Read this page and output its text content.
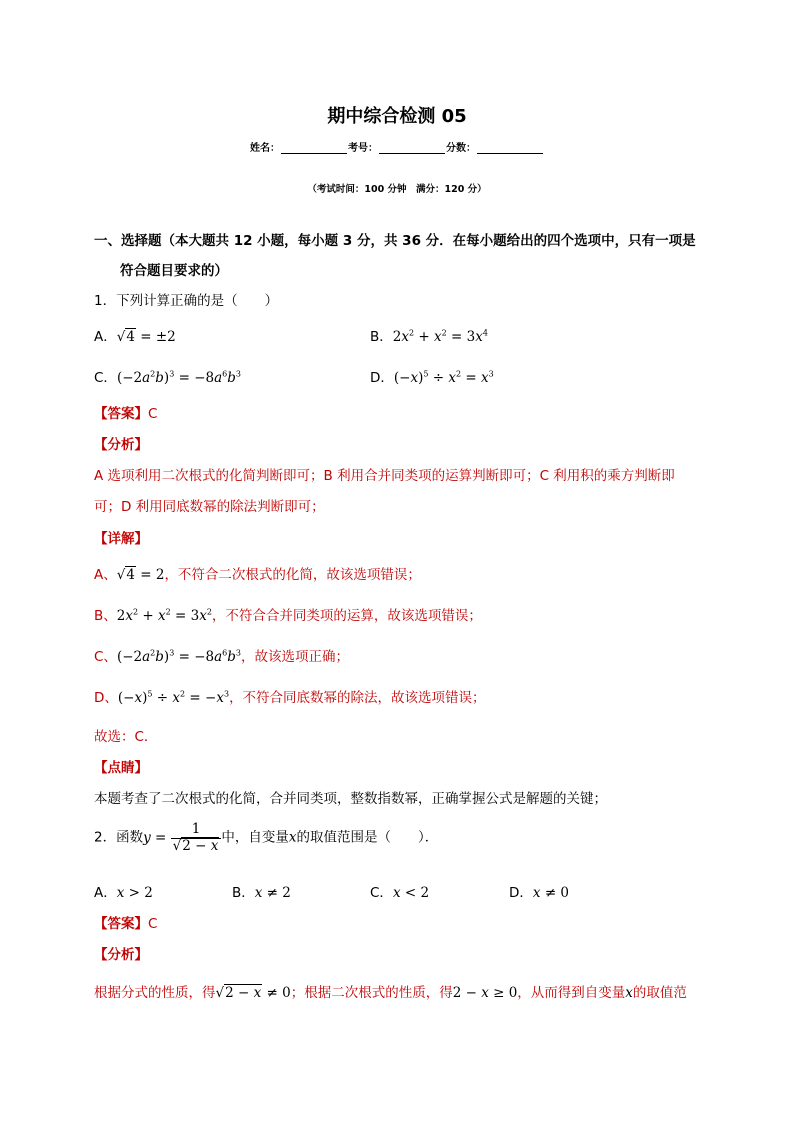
期中综合检测 05
姓名：	考号：	分数：
（考试时间：100 分钟　满分：120 分）
一、选择题（本大题共 12 小题，每小题 3 分，共 36 分．在每小题给出的四个选项中，只有一项是
符合题目要求的）
1．下列计算正确的是（　　）
A．√4 = ±2	B．$2x^2 + x^2 = 3x^4$
C．$(-2a^2b)^3 = -8a^6b^3$	D．$(-x)^5 \div x^2 = x^3$
【答案】C
【分析】
A 选项利用二次根式的化简判断即可；B 利用合并同类项的运算判断即可；C 利用积的乘方判断即
可；D 利用同底数幂的除法判断即可；
【详解】
A、√4 = 2，不符合二次根式的化简，故该选项错误；
B、$2x^2 + x^2 = 3x^2$，不符合合并同类项的运算，故该选项错误；
C、$(-2a^2b)^3 = -8a^6b^3$，故该选项正确；
D、$(-x)^5 \div x^2 = -x^3$，不符合同底数幂的除法，故该选项错误；
故选：C．
【点睛】
本题考查了二次根式的化简，合并同类项，整数指数幂，正确掌握公式是解题的关键；
2．函数$y = \frac{1}{√2 - x}$ 中，自变量x的取值范围是（　　）．
A．x > 2	B．x ≠ 2	C．x < 2	D．x ≠ 0
【答案】C
【分析】
根据分式的性质，得√2 − x ≠ 0；根据二次根式的性质，得2 − x ≥ 0，从而得到自变量x的取值范
